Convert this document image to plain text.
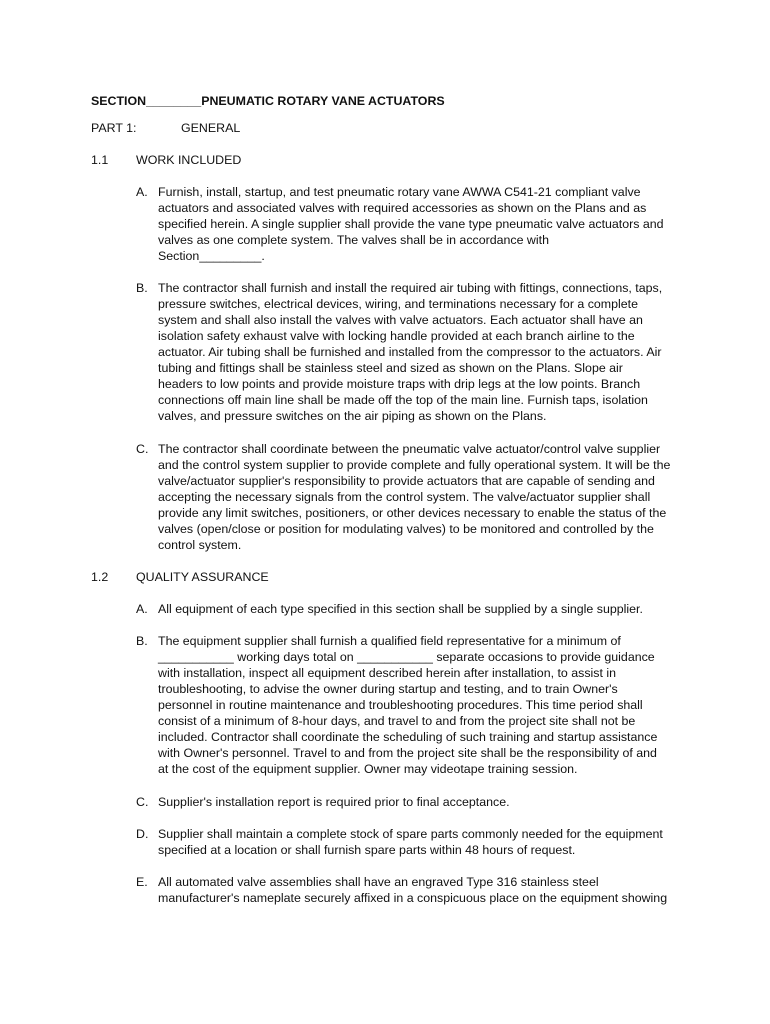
SECTION________PNEUMATIC ROTARY VANE ACTUATORS
PART 1:	GENERAL
1.1 WORK INCLUDED
A. Furnish, install, startup, and test pneumatic rotary vane AWWA C541-21 compliant valve
actuators and associated valves with required accessories as shown on the Plans and as
specified herein. A single supplier shall provide the vane type pneumatic valve actuators and
valves as one complete system. The valves shall be in accordance with
Section_________.
B. The contractor shall furnish and install the required air tubing with fittings, connections, taps,
pressure switches, electrical devices, wiring, and terminations necessary for a complete
system and shall also install the valves with valve actuators. Each actuator shall have an
isolation safety exhaust valve with locking handle provided at each branch airline to the
actuator. Air tubing shall be furnished and installed from the compressor to the actuators. Air
tubing and fittings shall be stainless steel and sized as shown on the Plans. Slope air
headers to low points and provide moisture traps with drip legs at the low points. Branch
connections off main line shall be made off the top of the main line. Furnish taps, isolation
valves, and pressure switches on the air piping as shown on the Plans.
C. The contractor shall coordinate between the pneumatic valve actuator/control valve supplier
and the control system supplier to provide complete and fully operational system. It will be the
valve/actuator supplier's responsibility to provide actuators that are capable of sending and
accepting the necessary signals from the control system. The valve/actuator supplier shall
provide any limit switches, positioners, or other devices necessary to enable the status of the
valves (open/close or position for modulating valves) to be monitored and controlled by the
control system.
1.2 QUALITY ASSURANCE
A. All equipment of each type specified in this section shall be supplied by a single supplier.
B. The equipment supplier shall furnish a qualified field representative for a minimum of
___________ working days total on ___________ separate occasions to provide guidance
with installation, inspect all equipment described herein after installation, to assist in
troubleshooting, to advise the owner during startup and testing, and to train Owner's
personnel in routine maintenance and troubleshooting procedures. This time period shall
consist of a minimum of 8-hour days, and travel to and from the project site shall not be
included. Contractor shall coordinate the scheduling of such training and startup assistance
with Owner's personnel. Travel to and from the project site shall be the responsibility of and
at the cost of the equipment supplier. Owner may videotape training session.
C. Supplier's installation report is required prior to final acceptance.
D. Supplier shall maintain a complete stock of spare parts commonly needed for the equipment
specified at a location or shall furnish spare parts within 48 hours of request.
E. All automated valve assemblies shall have an engraved Type 316 stainless steel
manufacturer's nameplate securely affixed in a conspicuous place on the equipment showing
